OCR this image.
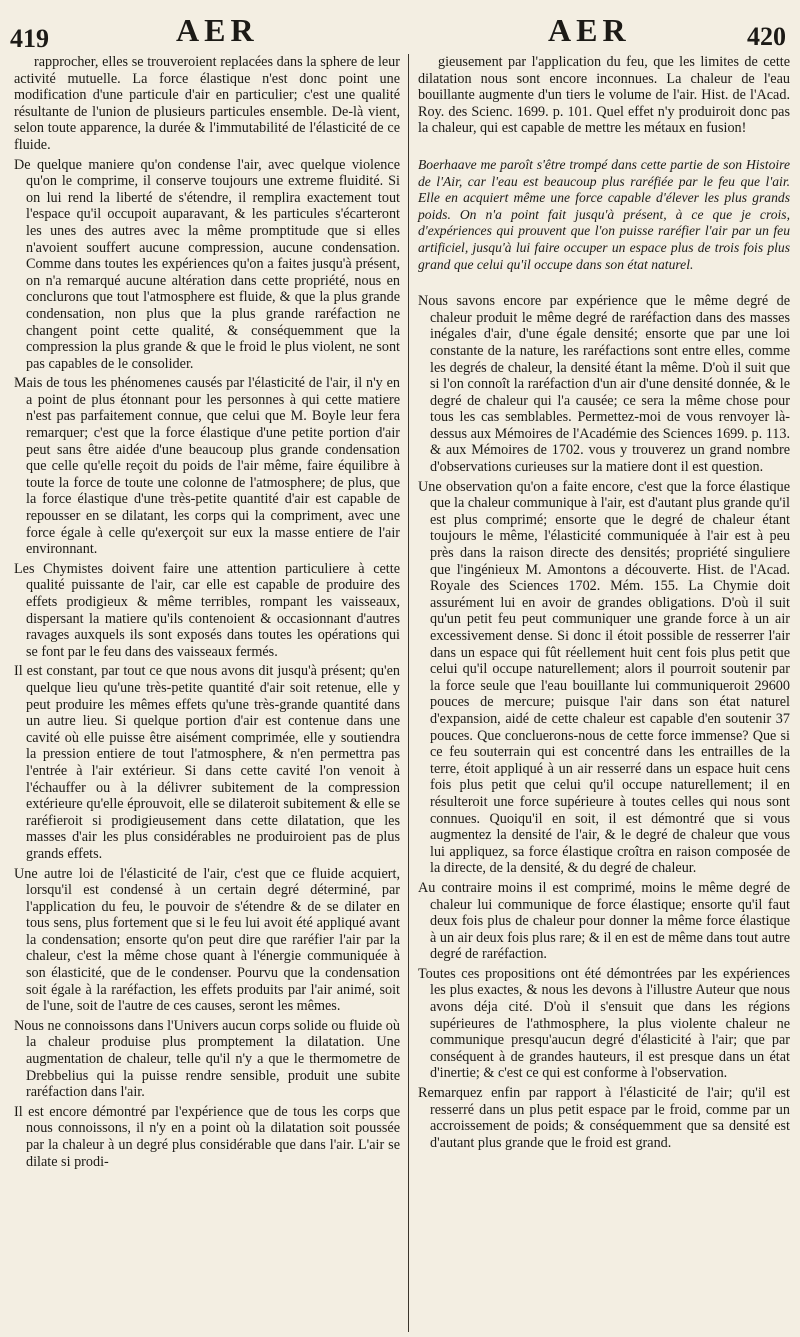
419	AER	AER	420

rapprocher, elles se trouveroient replacées dans la sphere de leur activité mutuelle. La force élastique n'est donc point une modification d'une particule d'air en particulier; c'est une qualité résultante de l'union de plusieurs particules ensemble. De-là vient, selon toute apparence, la durée & l'immutabilité de l'élasticité de ce fluide.

De quelque maniere qu'on condense l'air, avec quelque violence qu'on le comprime, il conserve toujours une extreme fluidité. Si on lui rend la liberté de s'étendre, il remplira exactement tout l'espace qu'il occupoit auparavant, & les particules s'écarteront les unes des autres avec la même promptitude que si elles n'avoient souffert aucune compression, aucune condensation. Comme dans toutes les expériences qu'on a faites jusqu'à présent, on n'a remarqué aucune altération dans cette propriété, nous en conclurons que tout l'atmosphere est fluide, & que la plus grande condensation, non plus que la plus grande raréfaction ne changent point cette qualité, & conséquemment que la compression la plus grande & que le froid le plus violent, ne sont pas capables de le consolider.

Mais de tous les phénomenes causés par l'élasticité de l'air, il n'y en a point de plus étonnant pour les personnes à qui cette matiere n'est pas parfaitement connue, que celui que M. Boyle leur fera remarquer; c'est que la force élastique d'une petite portion d'air peut sans être aidée d'une beaucoup plus grande condensation que celle qu'elle reçoit du poids de l'air même, faire équilibre à toute la force de toute une colonne de l'atmosphere; de plus, que la force élastique d'une très-petite quantité d'air est capable de repousser en se dilatant, les corps qui la compriment, avec une force égale à celle qu'exerçoit sur eux la masse entiere de l'air environnant.

Les Chymistes doivent faire une attention particuliere à cette qualité puissante de l'air, car elle est capable de produire des effets prodigieux & même terribles, rompant les vaisseaux, dispersant la matiere qu'ils contenoient & occasionnant d'autres ravages auxquels ils sont exposés dans toutes les opérations qui se font par le feu dans des vaisseaux fermés.

Il est constant, par tout ce que nous avons dit jusqu'à présent; qu'en quelque lieu qu'une très-petite quantité d'air soit retenue, elle y peut produire les mêmes effets qu'une très-grande quantité dans un autre lieu. Si quelque portion d'air est contenue dans une cavité où elle puisse être aisément comprimée, elle y soutiendra la pression entiere de tout l'atmosphere, & n'en permettra pas l'entrée à l'air extérieur. Si dans cette cavité l'on venoit à l'échauffer ou à la délivrer subitement de la compression extérieure qu'elle éprouvoit, elle se dilateroit subitement & elle se raréfieroit si prodigieusement dans cette dilatation, que les masses d'air les plus considérables ne produiroient pas de plus grands effets.

Une autre loi de l'élasticité de l'air, c'est que ce fluide acquiert, lorsqu'il est condensé à un certain degré déterminé, par l'application du feu, le pouvoir de s'étendre & de se dilater en tous sens, plus fortement que si le feu lui avoit été appliqué avant la condensation; ensorte qu'on peut dire que raréfier l'air par la chaleur, c'est la même chose quant à l'énergie communiquée à son élasticité, que de le condenser. Pourvu que la condensation soit égale à la raréfaction, les effets produits par l'air animé, soit de l'une, soit de l'autre de ces causes, seront les mêmes.

Nous ne connoissons dans l'Univers aucun corps solide ou fluide où la chaleur produise plus promptement la dilatation. Une augmentation de chaleur, telle qu'il n'y a que le thermometre de Drebbelius qui la puisse rendre sensible, produit une subite raréfaction dans l'air.

Il est encore démontré par l'expérience que de tous les corps que nous connoissons, il n'y en a point où la dilatation soit poussée par la chaleur à un degré plus considérable que dans l'air. L'air se dilate si prodi-

gieusement par l'application du feu, que les limites de cette dilatation nous sont encore inconnues. La chaleur de l'eau bouillante augmente d'un tiers le volume de l'air. Hist. de l'Acad. Roy. des Scienc. 1699. p. 101. Quel effet n'y produiroit donc pas la chaleur, qui est capable de mettre les métaux en fusion!

Boerhaave me paroît s'être trompé dans cette partie de son Histoire de l'Air, car l'eau est beaucoup plus raréfiée par le feu que l'air. Elle en acquiert même une force capable d'élever les plus grands poids. On n'a point fait jusqu'à présent, à ce que je crois, d'expériences qui prouvent que l'on puisse raréfier l'air par un feu artificiel, jusqu'à lui faire occuper un espace plus de trois fois plus grand que celui qu'il occupe dans son état naturel.

Nous savons encore par expérience que le même degré de chaleur produit le même degré de raréfaction dans des masses inégales d'air, d'une égale densité; ensorte que par une loi constante de la nature, les raréfactions sont entre elles, comme les degrés de chaleur, la densité étant la même. D'où il suit que si l'on connoît la raréfaction d'un air d'une densité donnée, & le degré de chaleur qui l'a causée; ce sera la même chose pour tous les cas semblables. Permettez-moi de vous renvoyer là-dessus aux Mémoires de l'Académie des Sciences 1699. p. 113. & aux Mémoires de 1702. vous y trouverez un grand nombre d'observations curieuses sur la matiere dont il est question.

Une observation qu'on a faite encore, c'est que la force élastique que la chaleur communique à l'air, est d'autant plus grande qu'il est plus comprimé; ensorte que le degré de chaleur étant toujours le même, l'élasticité communiquée à l'air est à peu près dans la raison directe des densités; propriété singuliere que l'ingénieux M. Amontons a découverte. Hist. de l'Acad. Royale des Sciences 1702. Mém. 155. La Chymie doit assurément lui en avoir de grandes obligations. D'où il suit qu'un petit feu peut communiquer une grande force à un air excessivement dense. Si donc il étoit possible de resserrer l'air dans un espace qui fût réellement huit cent fois plus petit que celui qu'il occupe naturellement; alors il pourroit soutenir par la force seule que l'eau bouillante lui communiqueroit 29600 pouces de mercure; puisque l'air dans son état naturel d'expansion, aidé de cette chaleur est capable d'en soutenir 37 pouces. Que concluerons-nous de cette force immense? Que si ce feu souterrain qui est concentré dans les entrailles de la terre, étoit appliqué à un air resserré dans un espace huit cens fois plus petit que celui qu'il occupe naturellement; il en résulteroit une force supérieure à toutes celles qui nous sont connues. Quoiqu'il en soit, il est démontré que si vous augmentez la densité de l'air, & le degré de chaleur que vous lui appliquez, sa force élastique croîtra en raison composée de la directe, de la densité, & du degré de chaleur.

Au contraire moins il est comprimé, moins le même degré de chaleur lui communique de force élastique; ensorte qu'il faut deux fois plus de chaleur pour donner la même force élastique à un air deux fois plus rare; & il en est de même dans tout autre degré de raréfaction.

Toutes ces propositions ont été démontrées par les expériences les plus exactes, & nous les devons à l'illustre Auteur que nous avons déja cité. D'où il s'ensuit que dans les régions supérieures de l'athmosphere, la plus violente chaleur ne communique presqu'aucun degré d'élasticité à l'air; que par conséquent à de grandes hauteurs, il est presque dans un état d'inertie; & c'est ce qui est conforme à l'observation.

Remarquez enfin par rapport à l'élasticité de l'air; qu'il est resserré dans un plus petit espace par le froid, comme par un accroissement de poids; & conséquemment que sa densité est d'autant plus grande que le froid est grand.
